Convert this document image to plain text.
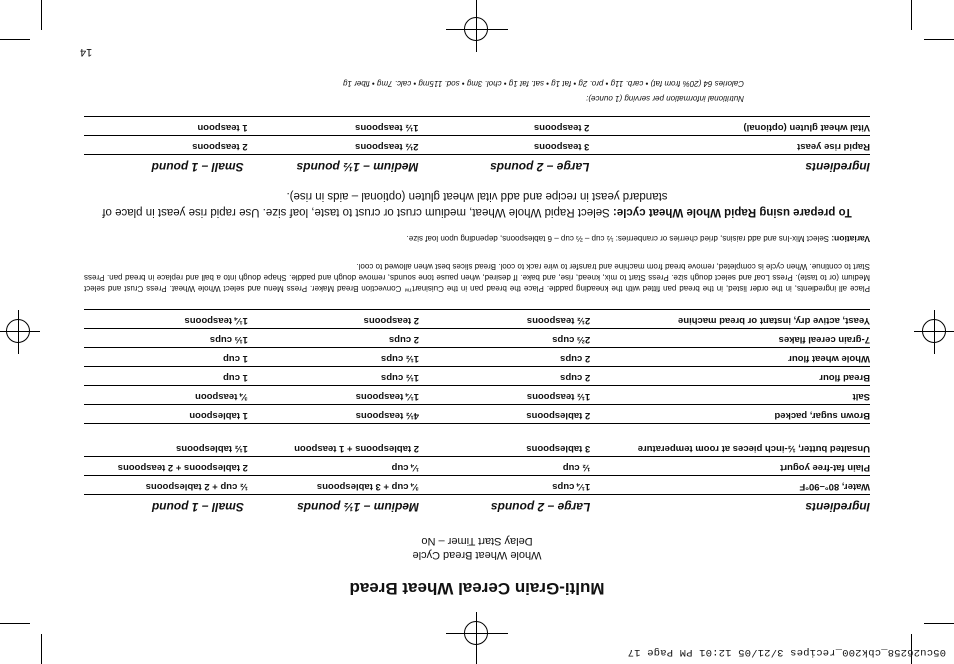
05cu26258_cbk200_recipes 3/21/05 12:01 PM Page 17
14
Multi-Grain Cereal Wheat Bread
Whole Wheat Bread Cycle
Delay Start Timer – No
Ingredients	Large – 2 pounds	Medium – 1½ pounds	Small – 1 pound
Water, 80°–90°F	1¼ cups	¾ cup + 3 tablespoons	½ cup + 2 tablespoons
Plain fat-free yogurt	½ cup	¼ cup	2 tablespoons + 2 teaspoons
Unsalted butter, ½-inch pieces at room temperature	3 tablespoons	2 tablespoons + 1 teaspoon	1½ tablespoons
Brown sugar, packed	2 tablespoons	4½ teaspoons	1 tablespoon
Salt	1½ teaspoons	1¼ teaspoons	¾ teaspoon
Bread flour	2 cups	1½ cups	1 cup
Whole wheat flour	2 cups	1½ cups	1 cup
7-grain cereal flakes	2⅔ cups	2 cups	1⅓ cups
Yeast, active dry, instant or bread machine	2½ teaspoons	2 teaspoons	1¼ teaspoons
Place all ingredients, in the order listed, in the bread pan fitted with the kneading paddle. Place the bread pan in the Cuisinart™ Convection Bread Maker. Press Menu and select Whole Wheat. Press Crust and select Medium (or to taste). Press Loaf and select dough size. Press Start to mix, knead, rise, and bake. If desired, when pause tone sounds, remove dough and paddle. Shape dough into a ball and replace in bread pan. Press Start to continue. When cycle is completed, remove bread from machine and transfer to wire rack to cool. Bread slices best when allowed to cool.
Variation: Select Mix-Ins and add raisins, dried cherries or cranberries: ½ cup – ⅔ cup – 6 tablespoons, depending upon loaf size.
To prepare using Rapid Whole Wheat cycle: Select Rapid Whole Wheat, medium crust or crust to taste, loaf size. Use rapid rise yeast in place of standard yeast in recipe and add vital wheat gluten (optional – aids in rise).
Ingredients	Large – 2 pounds	Medium – 1½ pounds	Small – 1 pound
Rapid rise yeast	3 teaspoons	2½ teaspoons	2 teaspoons
Vital wheat gluten (optional)	2 teaspoons	1½ teaspoons	1 teaspoon
Nutritional information per serving (1 ounce):
Calories 64 (20% from fat) • carb. 11g • pro. 2g • fat 1g • sat. fat 1g • chol. 3mg • sod. 115mg • calc. 7mg • fiber 1g
